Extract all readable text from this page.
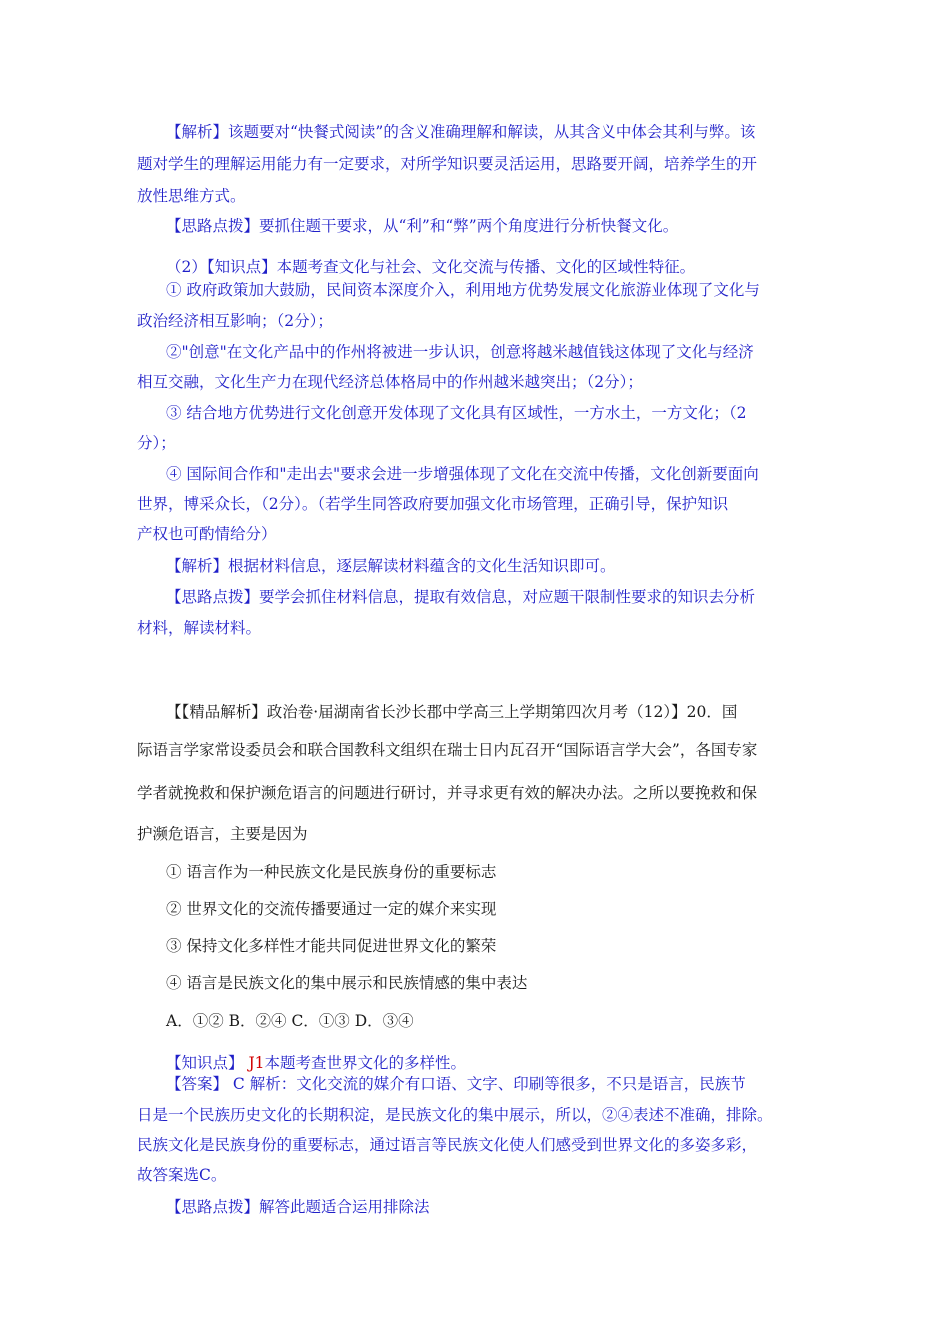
【解析】该题要对“快餐式阅读”的含义准确理解和解读，从其含义中体会其利与弊。该
题对学生的理解运用能力有一定要求，对所学知识要灵活运用，思路要开阔，培养学生的开
放性思维方式。
【思路点拨】要抓住题干要求，从“利”和“弊”两个角度进行分析快餐文化。
（2）【知识点】本题考查文化与社会、文化交流与传播、文化的区域性特征。
① 政府政策加大鼓励，民间资本深度介入，利用地方优势发展文化旅游业体现了文化与
政治经济相互影响；（2分）；
②"创意"在文化产品中的作州将被进一步认识，创意将越米越值钱这体现了文化与经济
相互交融，文化生产力在现代经济总体格局中的作州越米越突出；（2分）；
③ 结合地方优势进行文化创意开发体现了文化具有区域性，一方水土，一方文化；（2
分）；
④ 国际间合作和"走出去"要求会进一步增强体现了文化在交流中传播，文化创新要面向
世界，博采众长，（2分）。（若学生同答政府要加强文化市场管理，正确引导，保护知识
产权也可酌情给分）
【解析】根据材料信息，逐层解读材料蕴含的文化生活知识即可。
【思路点拨】要学会抓住材料信息，提取有效信息，对应题干限制性要求的知识去分析
材料，解读材料。
【【精品解析】政治卷·届湖南省长沙长郡中学高三上学期第四次月考（12）】20．国
际语言学家常设委员会和联合国教科文组织在瑞士日内瓦召开“国际语言学大会”，各国专家
学者就挽救和保护濒危语言的问题进行研讨，并寻求更有效的解决办法。之所以要挽救和保
护濒危语言，主要是因为
① 语言作为一种民族文化是民族身份的重要标志
② 世界文化的交流传播要通过一定的媒介来实现
③ 保持文化多样性才能共同促进世界文化的繁荣
④ 语言是民族文化的集中展示和民族情感的集中表达
A．①② B．②④ C．①③ D．③④
【知识点】 J1本题考查世界文化的多样性。
【答案】 C 解析：文化交流的媒介有口语、文字、印刷等很多，不只是语言，民族节
日是一个民族历史文化的长期积淀，是民族文化的集中展示，所以，②④表述不准确，排除。
民族文化是民族身份的重要标志，通过语言等民族文化使人们感受到世界文化的多姿多彩，
故答案选C。
【思路点拨】解答此题适合运用排除法
